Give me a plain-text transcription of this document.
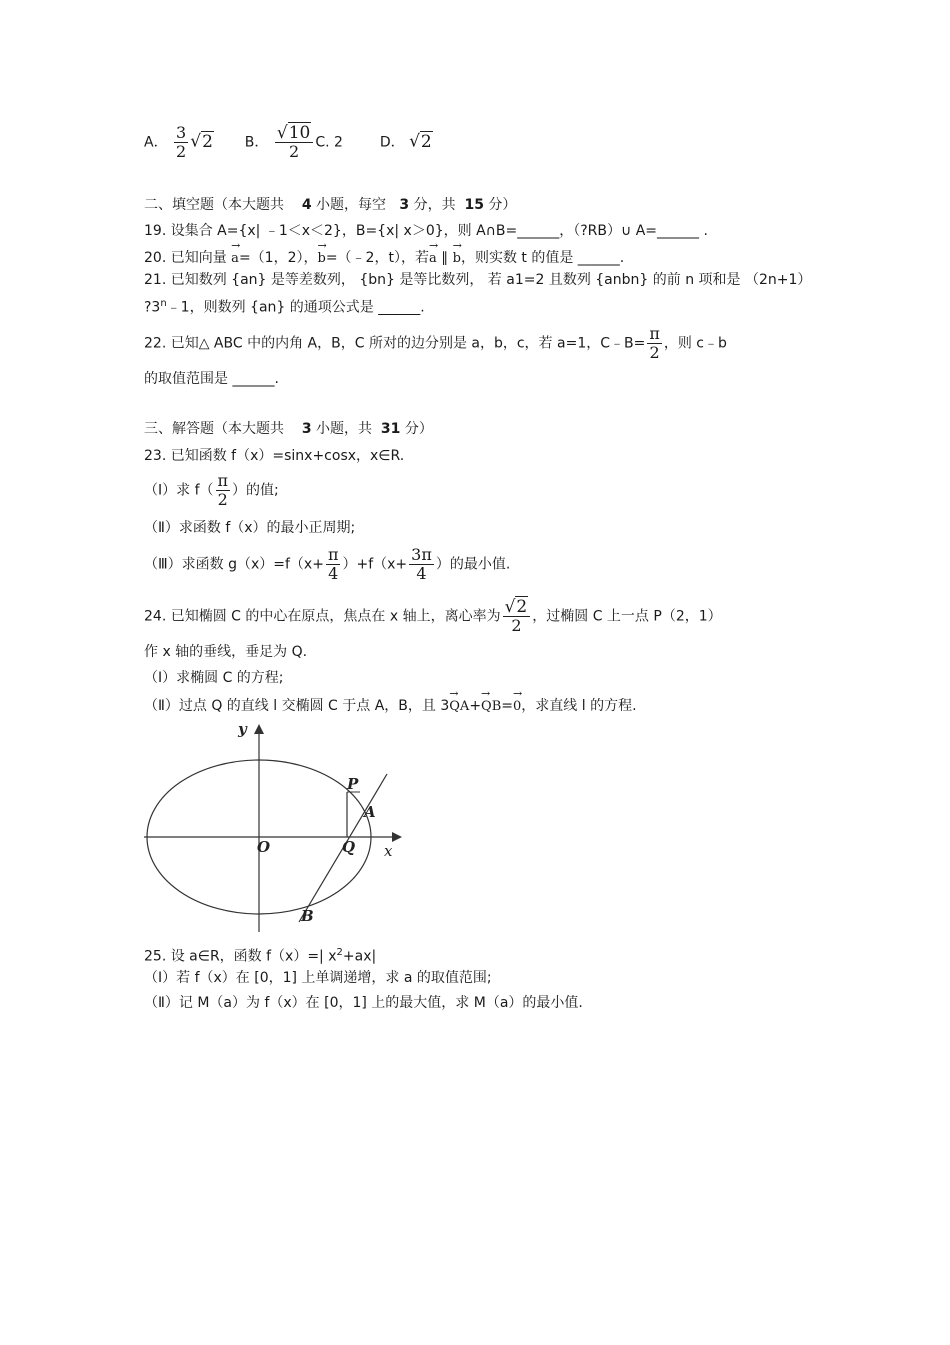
A． $\frac{3}{2} √2$ B． $\frac{√10}{2} C$. 2	D． √2
二、填空题（本大题共 4 小题，每空 3 分，共 15 分）
19. 设集合 A={x| ﹣1＜x＜2}，B={x| x＞0}，则 A∩B=______，（?RB）∪ A=______ .
20. 已知向量 → a=（1，2），→ b=（﹣2，t），若→ a ∥ → b，则实数 t 的值是 ______.
21. 已知数列 {an} 是等差数列， {bn} 是等比数列， 若 a1=2 且数列 {anbn} 的前 n 项和是 （2n+1）
?3$^n$﹣1，则数列 {an} 的通项公式是 ______.
22. 已知△ ABC 中的内角 A，B，C 所对的边分别是 a，b，c，若 a=1，C﹣B= $\frac{\pi}{2}$ ，则 c﹣b
的取值范围是 ______.
三、解答题（本大题共 3 小题，共 31 分）
23. 已知函数 f（x）=sinx+cosx，x∈R.
（Ⅰ）求 $f( \frac{\pi}{2}$ ）的值;
（Ⅱ）求函数 f（x）的最小正周期;
（Ⅲ）求函数 $g(x)=f(x+ \frac{\pi}{4} )+f(x+ \frac{3\pi}{4}$ ）的最小值.
24. 已知椭圆 C 的中心在原点，焦点在 x 轴上，离心率为 $\frac{√2}{2}$ ，过椭圆 C 上一点 P（2，1）
作 x 轴的垂线，垂足为 Q.
（Ⅰ）求椭圆 C 的方程;
（Ⅱ）过点 Q 的直线 l 交椭圆 C 于点 A，B，且 3→ QA+→ QB=→ 0，求直线 l 的方程.
y
x
O	Q
P
A
B
25. 设 a∈R，函数 f（x）=| $x^2+ax|$
（Ⅰ）若 f（x）在 [0，1] 上单调递增，求 a 的取值范围;
（Ⅱ）记 M（a）为 f（x）在 [0，1] 上的最大值，求 M（a）的最小值.
